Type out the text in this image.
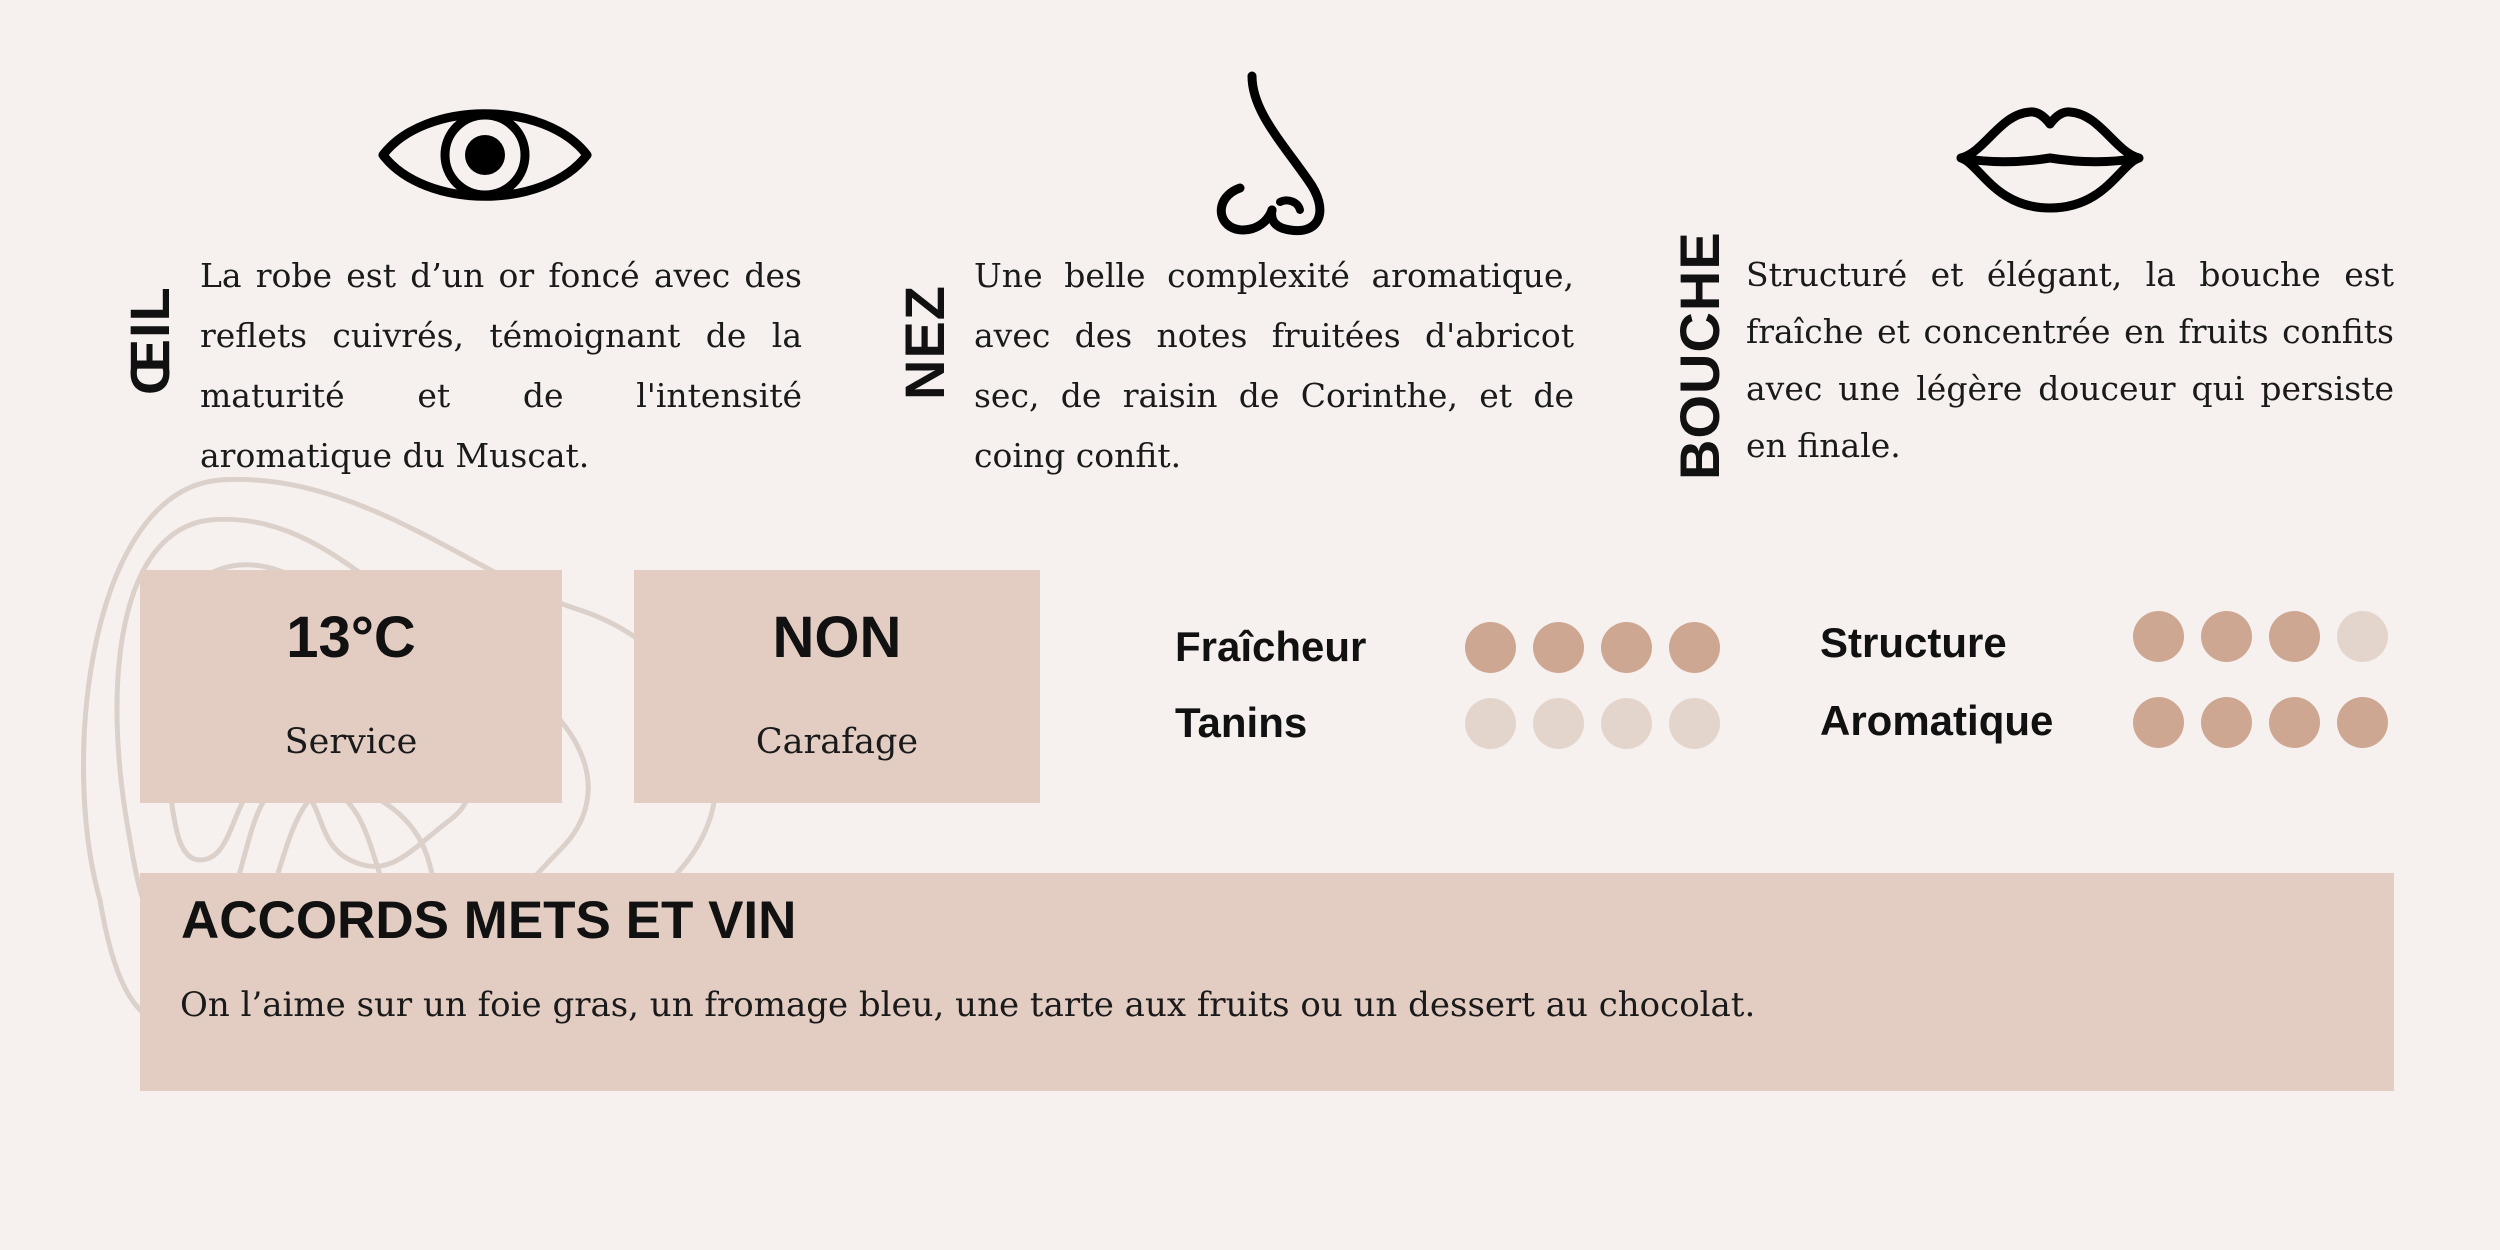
ŒIL	NEZ	BOUCHE
La robe est d’un or foncé avec des reflets cuivrés, témoignant de la maturité et de l'intensité aromatique du Muscat.
Une belle complexité aromatique, avec des notes fruitées d'abricot sec, de raisin de Corinthe, et de coing confit.
Structuré et élégant, la bouche est fraîche et concentrée en fruits confits avec une légère douceur qui persiste en finale.
13°C
Service
NON
Carafage
Fraîcheur
Tanins
Structure
Aromatique
ACCORDS METS ET VIN
On l’aime sur un foie gras, un fromage bleu, une tarte aux fruits ou un dessert au chocolat.
